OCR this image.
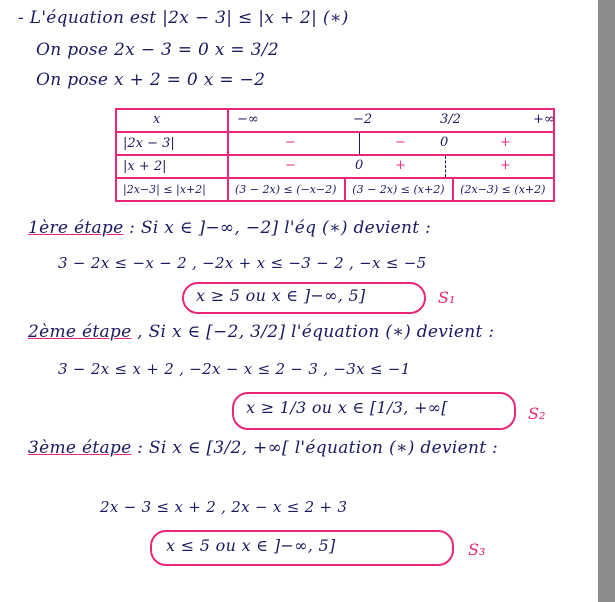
- L'équation est |2x − 3| ≤ |x + 2| (∗)
On pose 2x − 3 = 0 x = 3/2
On pose x + 2 = 0 x = −2
x	−∞ −2 3/2 +∞		

|2x − 3|	− − 0 +		

|x + 2|	− 0 + +		

|2x−3| ≤ |x+2|	(3 − 2x) ≤ (−x−2)	(3 − 2x) ≤ (x+2)	(2x−3) ≤ (x+2)
1ère étape : Si x ∈ ]−∞, −2] l'éq (∗) devient :
3 − 2x ≤ −x − 2 , −2x + x ≤ −3 − 2 , −x ≤ −5
x ≥ 5 ou x ∈ ]−∞, 5]	S₁
2ème étape , Si x ∈ [−2, 3/2] l'équation (∗) devient :
3 − 2x ≤ x + 2 , −2x − x ≤ 2 − 3 , −3x ≤ −1
x ≥ 1/3 ou x ∈ [1/3, +∞[	S₂
3ème étape : Si x ∈ [3/2, +∞[ l'équation (∗) devient :
2x − 3 ≤ x + 2 , 2x − x ≤ 2 + 3
x ≤ 5 ou x ∈ ]−∞, 5]	S₃
